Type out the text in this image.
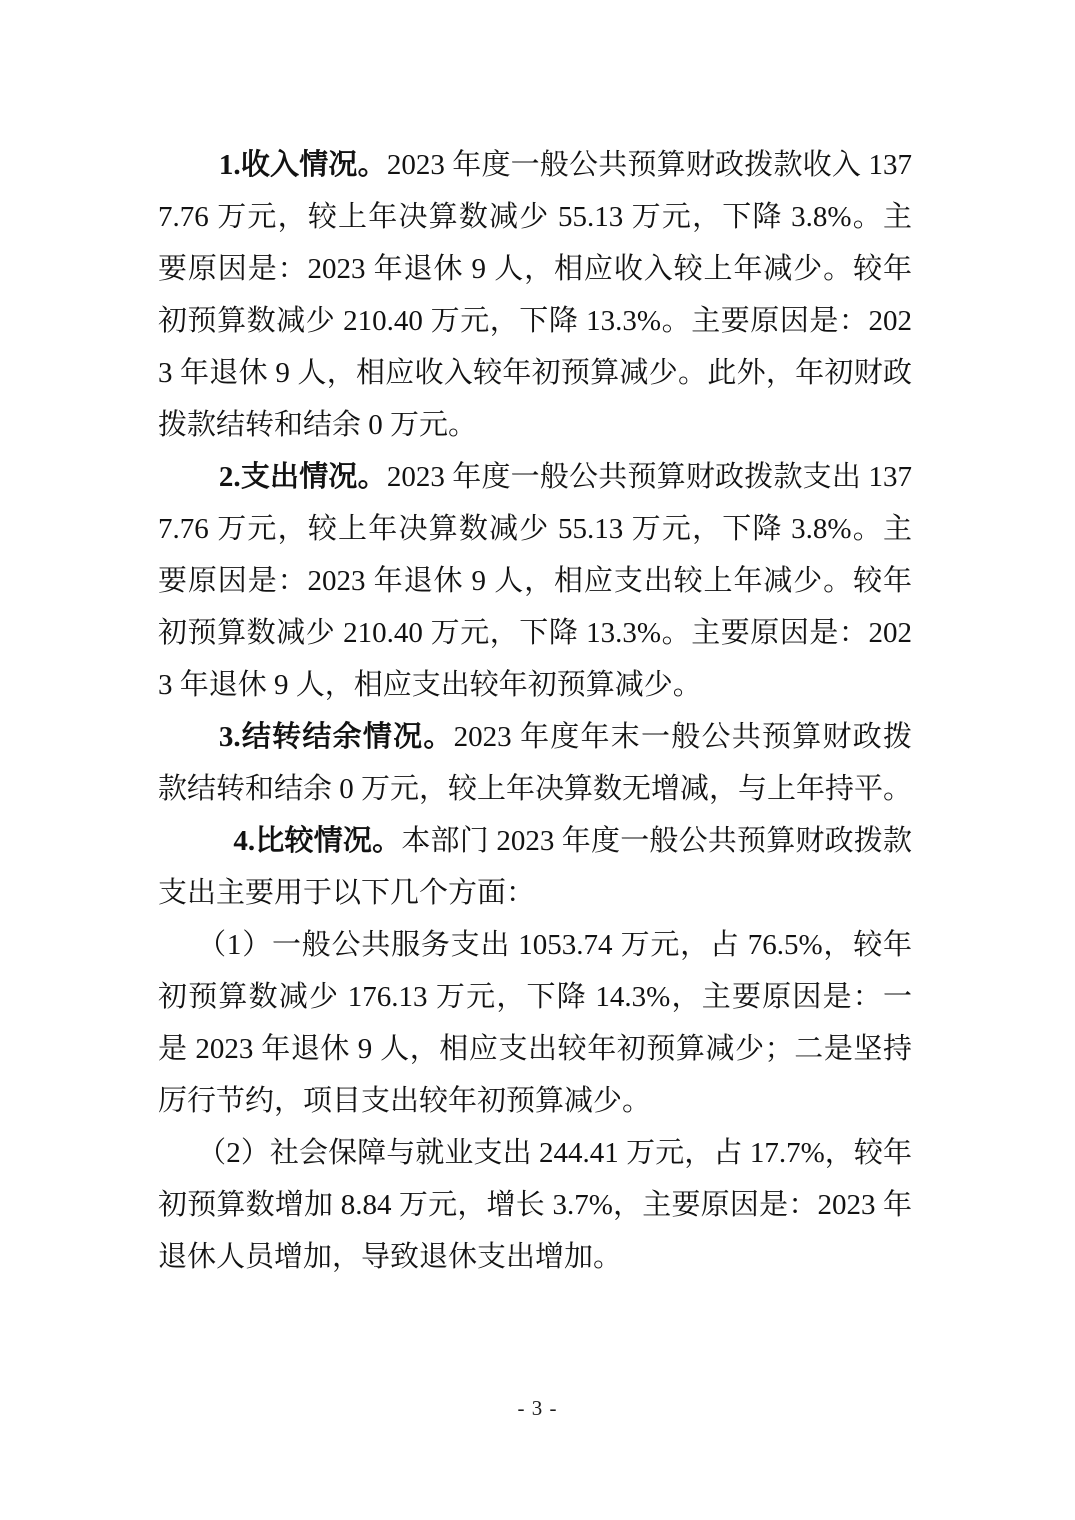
1.收入情况。2023 年度一般公共预算财政拨款收入 1377.76 万元，较上年决算数减少 55.13 万元，下降 3.8%。主要原因是：2023 年退休 9 人，相应收入较上年减少。较年初预算数减少 210.40 万元，下降 13.3%。主要原因是：2023 年退休 9 人，相应收入较年初预算减少。此外，年初财政拨款结转和结余 0 万元。

2.支出情况。2023 年度一般公共预算财政拨款支出 1377.76 万元，较上年决算数减少 55.13 万元，下降 3.8%。主要原因是：2023 年退休 9 人，相应支出较上年减少。较年初预算数减少 210.40 万元，下降 13.3%。主要原因是：2023 年退休 9 人，相应支出较年初预算减少。

3.结转结余情况。2023 年度年末一般公共预算财政拨款结转和结余 0 万元，较上年决算数无增减，与上年持平。

4.比较情况。本部门 2023 年度一般公共预算财政拨款支出主要用于以下几个方面：

（1）一般公共服务支出 1053.74 万元，占 76.5%，较年初预算数减少 176.13 万元，下降 14.3%，主要原因是：一是 2023 年退休 9 人，相应支出较年初预算减少；二是坚持厉行节约，项目支出较年初预算减少。

（2）社会保障与就业支出 244.41 万元，占 17.7%，较年初预算数增加 8.84 万元，增长 3.7%，主要原因是：2023 年退休人员增加，导致退休支出增加。

- 3 -
